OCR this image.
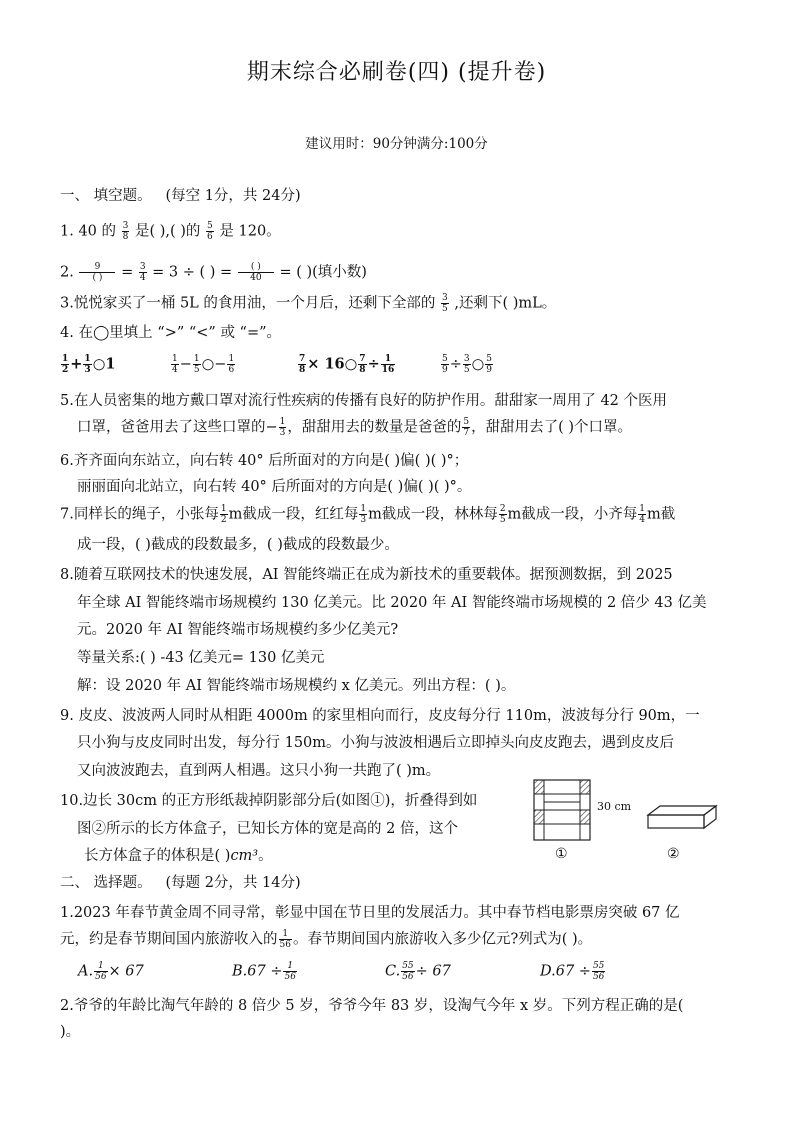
期末综合必刷卷(四) (提升卷)
建议用时：90分钟满分:100分
一、 填空题。 (每空 1分，共 24分)
1. 40 的 $\frac{3}{8}$ 是( ),( )的 $\frac{5}{6}$ 是 120。
2. $\frac{9}{( )} = \frac{3}{4} = 3$ ÷ ( ) = $\frac{( )}{40}$ = ( )(填小数)
3.悦悦家买了一桶 5L 的食用油，一个月后，还剩下全部的 $\frac{3}{5}$ ,还剩下( )mL。
4. 在◯里填上 “>” “<” 或 “=”。
$\frac{1}{2} + \frac{1}{3}$ ○1	$\frac{1}{4} - \frac{1}{5}$ ○− $\frac{1}{6}$	$\frac{7}{8}$ × 16○ $\frac{7}{8} \div \frac{1}{16}$	$\frac{5}{9} \div \frac{3}{5}$ ○ $\frac{5}{9}$
5.在人员密集的地方戴口罩对流行性疾病的传播有良好的防护作用。甜甜家一周用了 42 个医用
口罩，爸爸用去了这些口罩的− $\frac{1}{3}$ ，甜甜用去的数量是爸爸的 $\frac{5}{7}$ ，甜甜用去了( )个口罩。
6.齐齐面向东站立，向右转 40° 后所面对的方向是( )偏( )( )°；
丽丽面向北站立，向右转 40° 后所面对的方向是( )偏( )( )°。
7.同样长的绳子，小张每 $\frac{1}{2}$ m截成一段，红红每 $\frac{1}{3}$ m截成一段，林林每 $\frac{2}{5}$ m截成一段，小齐每 $\frac{1}{4}$ m截
成一段，( )截成的段数最多，( )截成的段数最少。
8.随着互联网技术的快速发展，AI 智能终端正在成为新技术的重要载体。据预测数据，到 2025
年全球 AI 智能终端市场规模约 130 亿美元。比 2020 年 AI 智能终端市场规模的 2 倍少 43 亿美
元。2020 年 AI 智能终端市场规模约多少亿美元?
等量关系:( ) -43 亿美元= 130 亿美元
解：设 2020 年 AI 智能终端市场规模约 x 亿美元。列出方程：( )。
9. 皮皮、波波两人同时从相距 4000m 的家里相向而行，皮皮每分行 110m，波波每分行 90m，一
只小狗与皮皮同时出发，每分行 150m。小狗与波波相遇后立即掉头向皮皮跑去，遇到皮皮后
又向波波跑去，直到两人相遇。这只小狗一共跑了( )m。
10.边长 30cm 的正方形纸裁掉阴影部分后(如图①)，折叠得到如
图②所示的长方体盒子，已知长方体的宽是高的 2 倍，这个
长方体盒子的体积是( )cm³。
30 cm
①	②
二、 选择题。 (每题 2分，共 14分)
1.2023 年春节黄金周不同寻常，彰显中国在节日里的发展活力。其中春节档电影票房突破 67 亿
元，约是春节期间国内旅游收入的 $\frac{1}{56}$ 。春节期间国内旅游收入多少亿元?列式为( )。
A. $\frac{1}{56} \times 67$	$B.67 \div \frac{1}{56}$	C. $\frac{55}{56} \div 67$	$D.67 \div \frac{55}{56}$
2.爷爷的年龄比淘气年龄的 8 倍少 5 岁，爷爷今年 83 岁，设淘气今年 x 岁。下列方程正确的是(
)。
